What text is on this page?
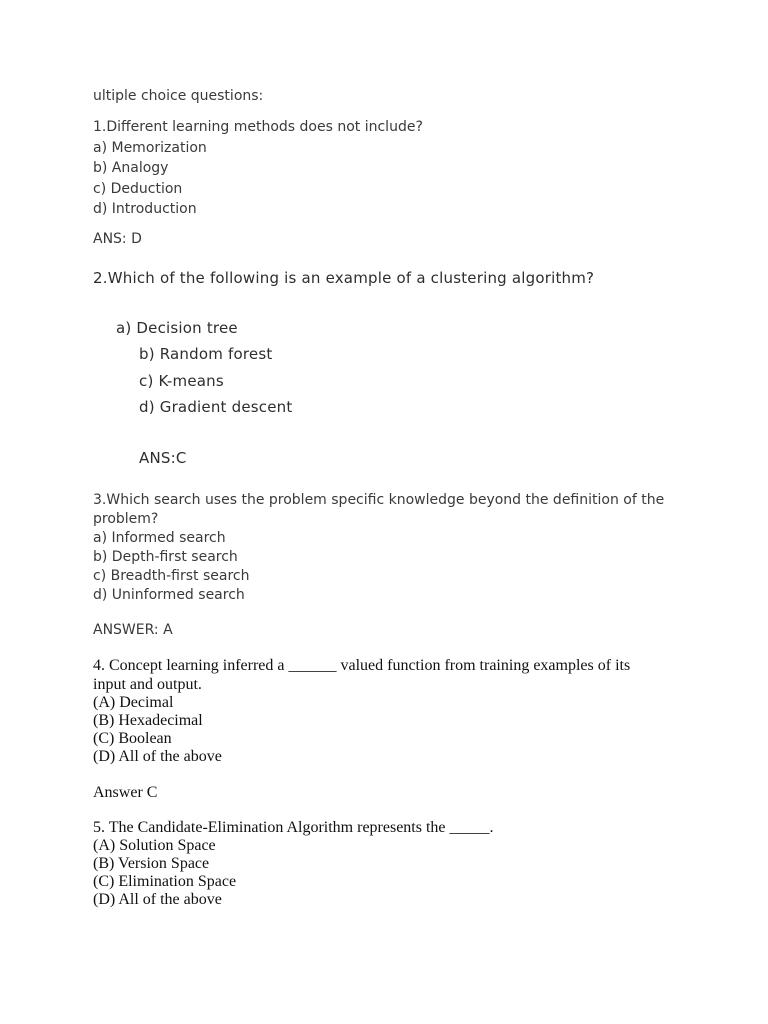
ultiple choice questions:
1.Different learning methods does not include?
a) Memorization
b) Analogy
c) Deduction
d) Introduction
ANS: D
2.Which of the following is an example of a clustering algorithm?
a) Decision tree
b) Random forest
c) K-means
d) Gradient descent
ANS:C
3.Which search uses the problem specific knowledge beyond the definition of the
problem?
a) Informed search
b) Depth-first search
c) Breadth-first search
d) Uninformed search
ANSWER: A
4. Concept learning inferred a ______ valued function from training examples of its
input and output.
(A) Decimal
(B) Hexadecimal
(C) Boolean
(D) All of the above
Answer C
5. The Candidate-Elimination Algorithm represents the _____.
(A) Solution Space
(B) Version Space
(C) Elimination Space
(D) All of the above
